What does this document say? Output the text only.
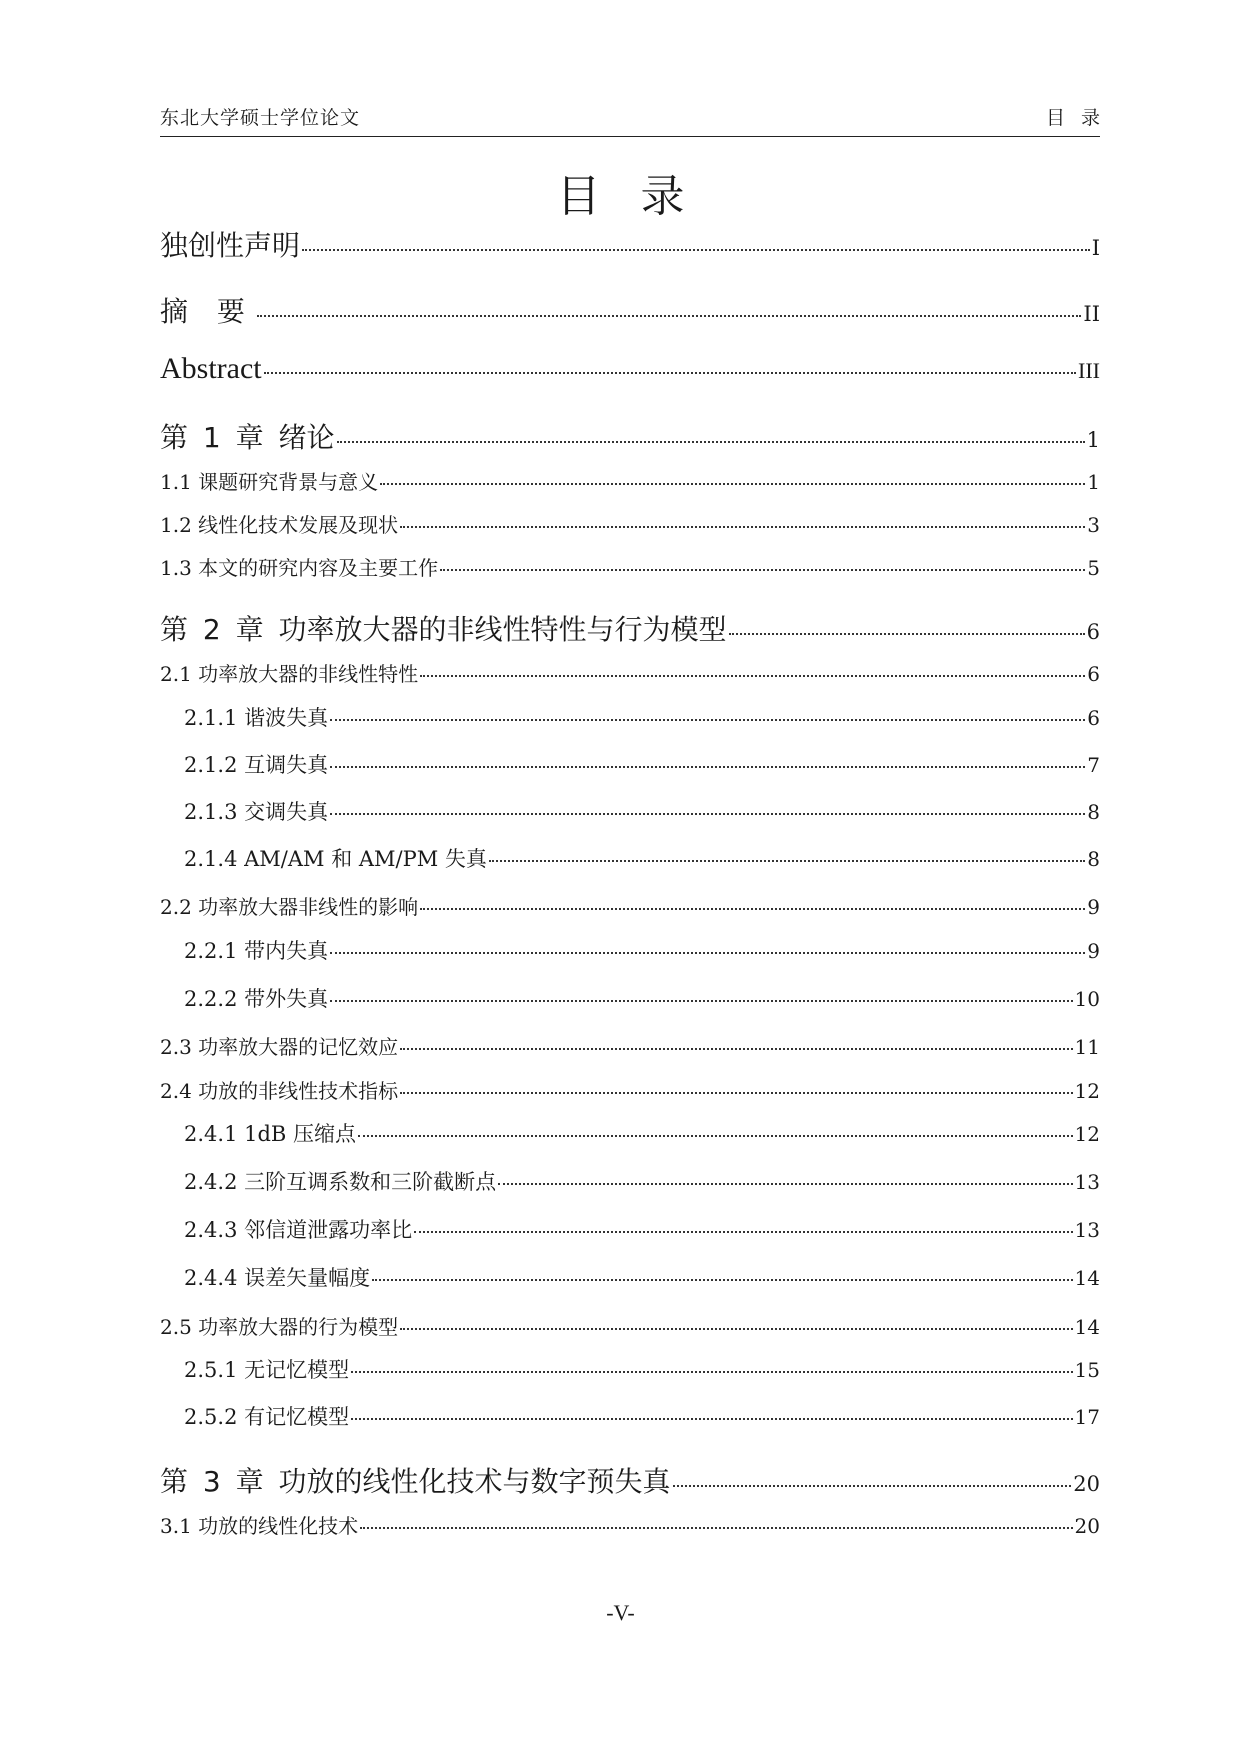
东北大学硕士学位论文	目录
目录
独创性声明	I
摘 要	II
Abstract	III
第 1 章 绪论	1
1.1 课题研究背景与意义	1
1.2 线性化技术发展及现状	3
1.3 本文的研究内容及主要工作	5
第 2 章 功率放大器的非线性特性与行为模型	6
2.1 功率放大器的非线性特性	6
2.1.1 谐波失真	6
2.1.2 互调失真	7
2.1.3 交调失真	8
2.1.4 AM/AM 和 AM/PM 失真	8
2.2 功率放大器非线性的影响	9
2.2.1 带内失真	9
2.2.2 带外失真	10
2.3 功率放大器的记忆效应	11
2.4 功放的非线性技术指标	12
2.4.1 1dB 压缩点	12
2.4.2 三阶互调系数和三阶截断点	13
2.4.3 邻信道泄露功率比	13
2.4.4 误差矢量幅度	14
2.5 功率放大器的行为模型	14
2.5.1 无记忆模型	15
2.5.2 有记忆模型	17
第 3 章 功放的线性化技术与数字预失真	20
3.1 功放的线性化技术	20
-V-
